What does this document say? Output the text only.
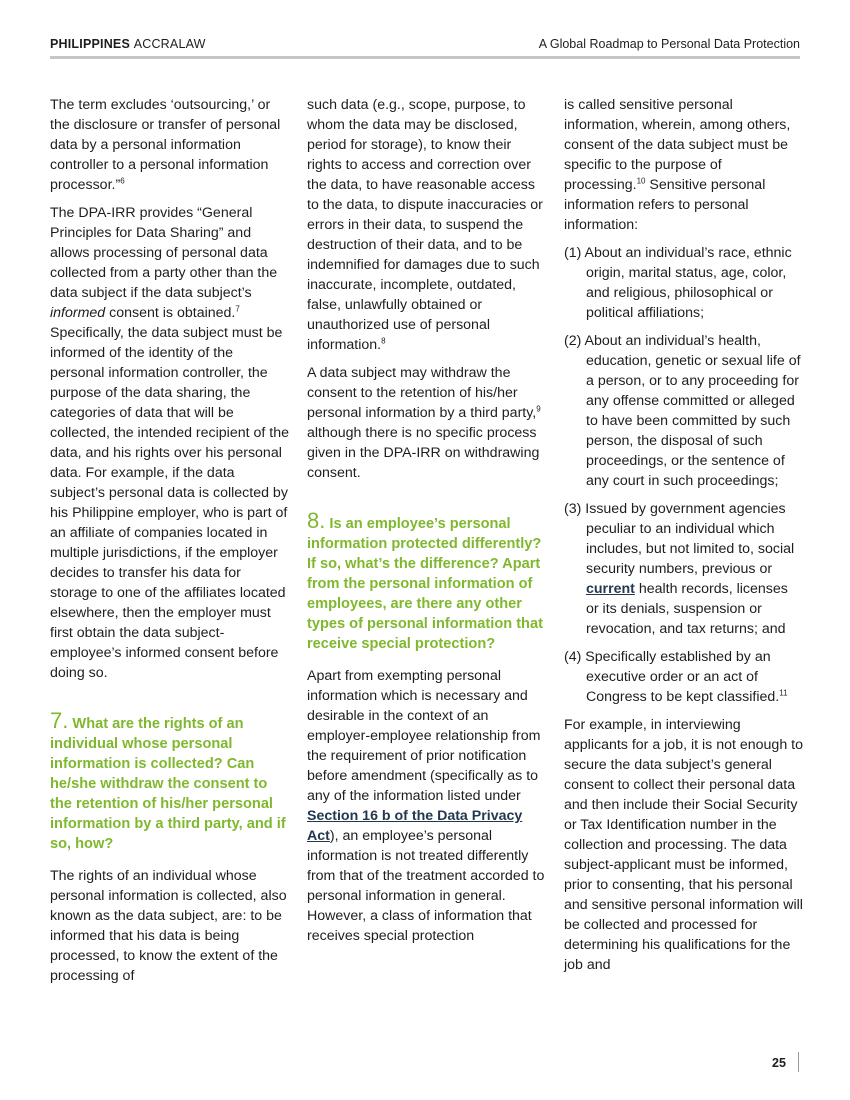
PHILIPPINES ACCRALAW	A Global Roadmap to Personal Data Protection

The term excludes ‘outsourcing,’ or the disclosure or transfer of personal data by a personal information controller to a personal information processor.”$^6$

The DPA-IRR provides “General Principles for Data Sharing” and allows processing of personal data collected from a party other than the data subject if the data subject’s informed consent is obtained.$^7$ Specifically, the data subject must be informed of the identity of the personal information controller, the purpose of the data sharing, the categories of data that will be collected, the intended recipient of the data, and his rights over his personal data. For example, if the data subject’s personal data is collected by his Philippine employer, who is part of an affiliate of companies located in multiple jurisdictions, if the employer decides to transfer his data for storage to one of the affiliates located elsewhere, then the employer must first obtain the data subject-employee’s informed consent before doing so.

7. What are the rights of an individual whose personal information is collected? Can he/she withdraw the consent to the retention of his/her personal information by a third party, and if so, how?

The rights of an individual whose personal information is collected, also known as the data subject, are: to be informed that his data is being processed, to know the extent of the processing of

such data (e.g., scope, purpose, to whom the data may be disclosed, period for storage), to know their rights to access and correction over the data, to have reasonable access to the data, to dispute inaccuracies or errors in their data, to suspend the destruction of their data, and to be indemnified for damages due to such inaccurate, incomplete, outdated, false, unlawfully obtained or unauthorized use of personal information.$^8$

A data subject may withdraw the consent to the retention of his/her personal information by a third party,$^9$ although there is no specific process given in the DPA-IRR on withdrawing consent.

8. Is an employee’s personal information protected differently? If so, what’s the difference? Apart from the personal information of employees, are there any other types of personal information that receive special protection?

Apart from exempting personal information which is necessary and desirable in the context of an employer-employee relationship from the requirement of prior notification before amendment (specifically as to any of the information listed under Section 16 b of the Data Privacy Act), an employee’s personal information is not treated differently from that of the treatment accorded to personal information in general. However, a class of information that receives special protection

is called sensitive personal information, wherein, among others, consent of the data subject must be specific to the purpose of processing.$^{10}$ Sensitive personal information refers to personal information:

(1) About an individual’s race, ethnic origin, marital status, age, color, and religious, philosophical or political affiliations;
(2) About an individual’s health, education, genetic or sexual life of a person, or to any proceeding for any offense committed or alleged to have been committed by such person, the disposal of such proceedings, or the sentence of any court in such proceedings;
(3) Issued by government agencies peculiar to an individual which includes, but not limited to, social security numbers, previous or current health records, licenses or its denials, suspension or revocation, and tax returns; and
(4) Specifically established by an executive order or an act of Congress to be kept classified.$^{11}$

For example, in interviewing applicants for a job, it is not enough to secure the data subject’s general consent to collect their personal data and then include their Social Security or Tax Identification number in the collection and processing. The data subject-applicant must be informed, prior to consenting, that his personal and sensitive personal information will be collected and processed for determining his qualifications for the job and

25
